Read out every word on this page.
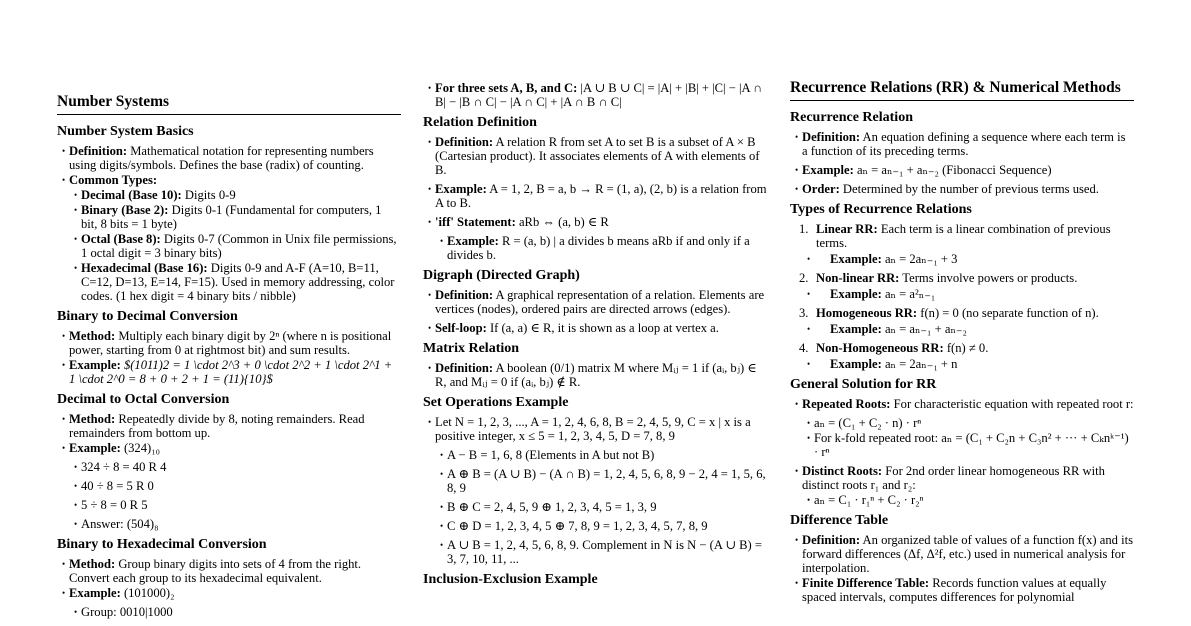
Number Systems
Number System Basics
• Definition: Mathematical notation for representing numbers using digits/symbols. Defines the base (radix) of counting.
• Common Types:
• Decimal (Base 10): Digits 0-9
• Binary (Base 2): Digits 0-1 (Fundamental for computers, 1 bit, 8 bits = 1 byte)
• Octal (Base 8): Digits 0-7 (Common in Unix file permissions, 1 octal digit = 3 binary bits)
• Hexadecimal (Base 16): Digits 0-9 and A-F (A=10, B=11, C=12, D=13, E=14, F=15). Used in memory addressing, color codes. (1 hex digit = 4 binary bits / nibble)
Binary to Decimal Conversion
• Method: Multiply each binary digit by 2ⁿ (where n is positional power, starting from 0 at rightmost bit) and sum results.
• Example: $(1011)2 = 1 \cdot 2^3 + 0 \cdot 2^2 + 1 \cdot 2^1 + 1 \cdot 2^0 = 8 + 0 + 2 + 1 = (11){10}$
Decimal to Octal Conversion
• Method: Repeatedly divide by 8, noting remainders. Read remainders from bottom up.
• Example: (324)₁₀
• 324 ÷ 8 = 40 R 4
• 40 ÷ 8 = 5 R 0
• 5 ÷ 8 = 0 R 5
• Answer: (504)₈
Binary to Hexadecimal Conversion
• Method: Group binary digits into sets of 4 from the right. Convert each group to its hexadecimal equivalent.
• Example: (101000)₂
• Group: 0010|1000
• For three sets A, B, and C: |A ∪ B ∪ C| = |A| + |B| + |C| − |A ∩ B| − |B ∩ C| − |A ∩ C| + |A ∩ B ∩ C|
Relation Definition
• Definition: A relation R from set A to set B is a subset of A × B (Cartesian product). It associates elements of A with elements of B.
• Example: A = 1, 2, B = a, b → R = (1, a), (2, b) is a relation from A to B.
• 'iff' Statement: aRb ⇔ (a, b) ∈ R
• Example: R = (a, b) | a divides b means aRb if and only if a divides b.
Digraph (Directed Graph)
• Definition: A graphical representation of a relation. Elements are vertices (nodes), ordered pairs are directed arrows (edges).
• Self-loop: If (a, a) ∈ R, it is shown as a loop at vertex a.
Matrix Relation
• Definition: A boolean (0/1) matrix M where Mᵢⱼ = 1 if (aᵢ, bⱼ) ∈ R, and Mᵢⱼ = 0 if (aᵢ, bⱼ) ∉ R.
Set Operations Example
• Let N = 1, 2, 3, ..., A = 1, 2, 4, 6, 8, B = 2, 4, 5, 9, C = x | x is a positive integer, x ≤ 5 = 1, 2, 3, 4, 5, D = 7, 8, 9
• A − B = 1, 6, 8 (Elements in A but not B)
• A ⊕ B = (A ∪ B) − (A ∩ B) = 1, 2, 4, 5, 6, 8, 9 − 2, 4 = 1, 5, 6, 8, 9
• B ⊕ C = 2, 4, 5, 9 ⊕ 1, 2, 3, 4, 5 = 1, 3, 9
• C ⊕ D = 1, 2, 3, 4, 5 ⊕ 7, 8, 9 = 1, 2, 3, 4, 5, 7, 8, 9
• A ∪ B = 1, 2, 4, 5, 6, 8, 9. Complement in N is N − (A ∪ B) = 3, 7, 10, 11, ...
Inclusion-Exclusion Example
Recurrence Relations (RR) & Numerical Methods
Recurrence Relation
• Definition: An equation defining a sequence where each term is a function of its preceding terms.
• Example: aₙ = aₙ₋₁ + aₙ₋₂ (Fibonacci Sequence)
• Order: Determined by the number of previous terms used.
Types of Recurrence Relations
1. Linear RR: Each term is a linear combination of previous terms.
• Example: aₙ = 2aₙ₋₁ + 3
2. Non-linear RR: Terms involve powers or products.
• Example: aₙ = a²ₙ₋₁
3. Homogeneous RR: f(n) = 0 (no separate function of n).
• Example: aₙ = aₙ₋₁ + aₙ₋₂
4. Non-Homogeneous RR: f(n) ≠ 0.
• Example: aₙ = 2aₙ₋₁ + n
General Solution for RR
• Repeated Roots: For characteristic equation with repeated root r:
• aₙ = (C₁ + C₂ · n) · rⁿ
• For k-fold repeated root: aₙ = (C₁ + C₂n + C₃n² + ··· + Cₖnᵏ⁻¹) · rⁿ
• Distinct Roots: For 2nd order linear homogeneous RR with distinct roots r₁ and r₂:
• aₙ = C₁ · r₁ⁿ + C₂ · r₂ⁿ
Difference Table
• Definition: An organized table of values of a function f(x) and its forward differences (Δf, Δ²f, etc.) used in numerical analysis for interpolation.
• Finite Difference Table: Records function values at equally spaced intervals, computes differences for polynomial
